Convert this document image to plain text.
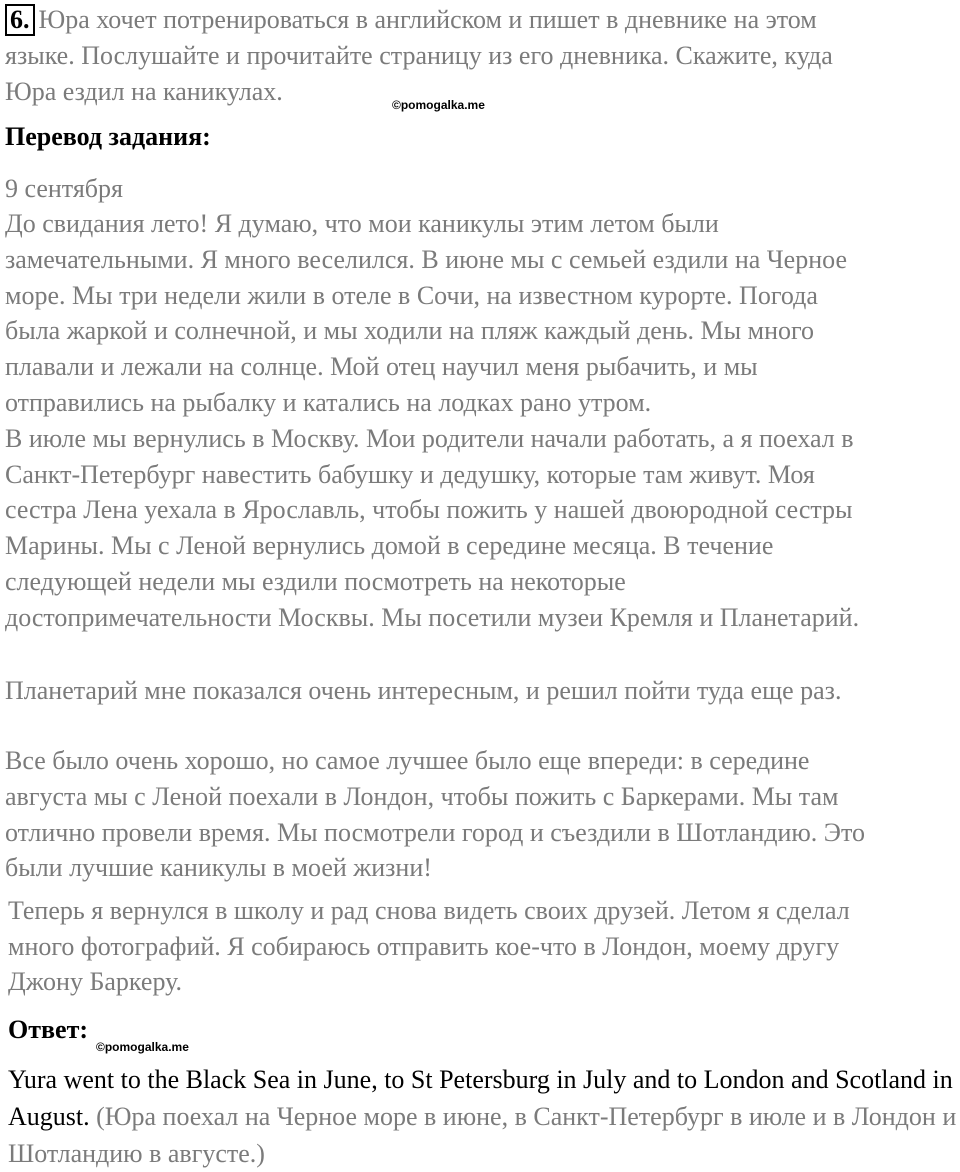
6. Юра хочет потренироваться в английском и пишет в дневнике на этом
языке. Послушайте и прочитайте страницу из его дневника. Скажите, куда
Юра ездил на каникулах.	©pomogalka.me
Перевод задания:

9 сентября

До свидания лето! Я думаю, что мои каникулы этим летом были
замечательными. Я много веселился. В июне мы с семьей ездили на Черное
море. Мы три недели жили в отеле в Сочи, на известном курорте. Погода
была жаркой и солнечной, и мы ходили на пляж каждый день. Мы много
плавали и лежали на солнце. Мой отец научил меня рыбачить, и мы
отправились на рыбалку и катались на лодках рано утром.
В июле мы вернулись в Москву. Мои родители начали работать, а я поехал в
Санкт-Петербург навестить бабушку и дедушку, которые там живут. Моя
сестра Лена уехала в Ярославль, чтобы пожить у нашей двоюродной сестры
Марины. Мы с Леной вернулись домой в середине месяца. В течение
следующей недели мы ездили посмотреть на некоторые
достопримечательности Москвы. Мы посетили музеи Кремля и Планетарий.

Планетарий мне показался очень интересным, и решил пойти туда еще раз.

Все было очень хорошо, но самое лучшее было еще впереди: в середине
августа мы с Леной поехали в Лондон, чтобы пожить с Баркерами. Мы там
отлично провели время. Мы посмотрели город и съездили в Шотландию. Это
были лучшие каникулы в моей жизни!

Теперь я вернулся в школу и рад снова видеть своих друзей. Летом я сделал
много фотографий. Я собираюсь отправить кое-что в Лондон, моему другу
Джону Баркеру.

Ответ:
©pomogalka.me

Yura went to the Black Sea in June, to St Petersburg in July and to London and Scotland in August. (Юра поехал на Черное море в июне, в Санкт-Петербург в июле и в Лондон и Шотландию в августе.)
